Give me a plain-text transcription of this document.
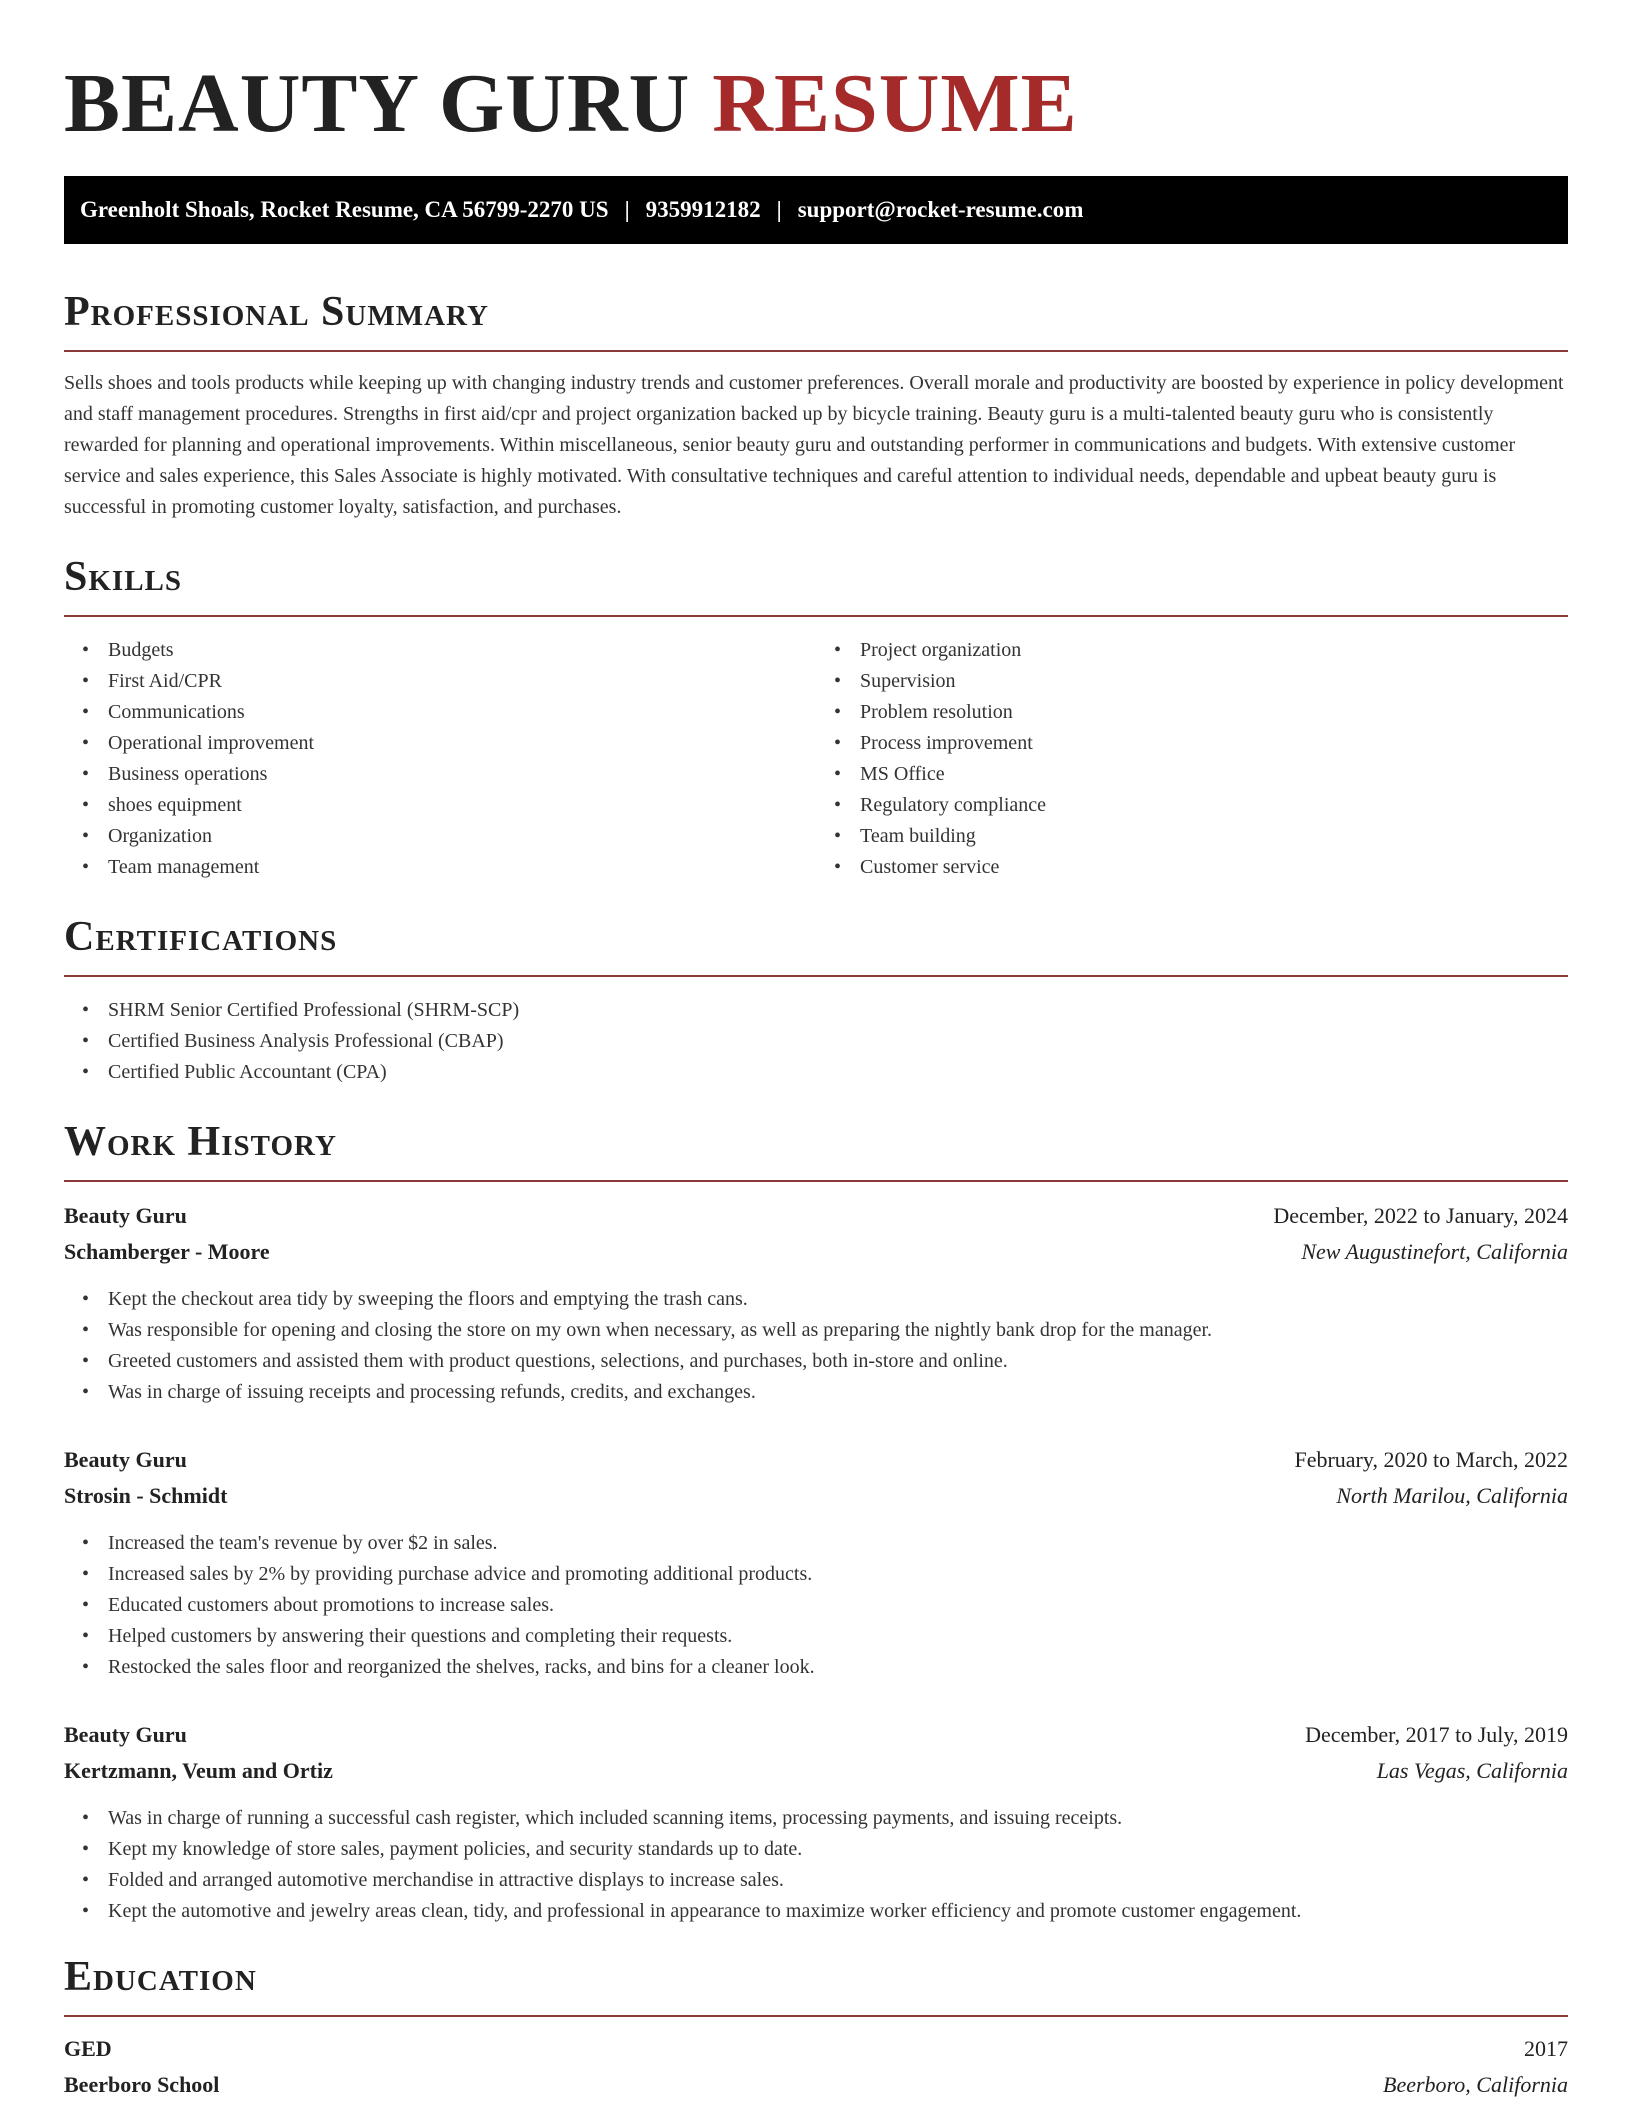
BEAUTY GURU RESUME
Greenholt Shoals, Rocket Resume, CA 56799-2270 US | 9359912182 | support@rocket-resume.com
Professional Summary

Sells shoes and tools products while keeping up with changing industry trends and customer preferences. Overall morale and productivity are boosted by experience in policy development and staff management procedures. Strengths in first aid/cpr and project organization backed up by bicycle training. Beauty guru is a multi-talented beauty guru who is consistently rewarded for planning and operational improvements. Within miscellaneous, senior beauty guru and outstanding performer in communications and budgets. With extensive customer service and sales experience, this Sales Associate is highly motivated. With consultative techniques and careful attention to individual needs, dependable and upbeat beauty guru is successful in promoting customer loyalty, satisfaction, and purchases.

Skills
• Budgets
• First Aid/CPR
• Communications
• Operational improvement
• Business operations
• shoes equipment
• Organization
• Team management
• Project organization
• Supervision
• Problem resolution
• Process improvement
• MS Office
• Regulatory compliance
• Team building
• Customer service
Certifications
• SHRM Senior Certified Professional (SHRM-SCP)
• Certified Business Analysis Professional (CBAP)
• Certified Public Accountant (CPA)
Work History
Beauty Guru	December, 2022 to January, 2024
Schamberger - Moore	New Augustinefort, California
• Kept the checkout area tidy by sweeping the floors and emptying the trash cans.
• Was responsible for opening and closing the store on my own when necessary, as well as preparing the nightly bank drop for the manager.
• Greeted customers and assisted them with product questions, selections, and purchases, both in-store and online.
• Was in charge of issuing receipts and processing refunds, credits, and exchanges.
Beauty Guru	February, 2020 to March, 2022
Strosin - Schmidt	North Marilou, California
• Increased the team's revenue by over $2 in sales.
• Increased sales by 2% by providing purchase advice and promoting additional products.
• Educated customers about promotions to increase sales.
• Helped customers by answering their questions and completing their requests.
• Restocked the sales floor and reorganized the shelves, racks, and bins for a cleaner look.
Beauty Guru	December, 2017 to July, 2019
Kertzmann, Veum and Ortiz	Las Vegas, California
• Was in charge of running a successful cash register, which included scanning items, processing payments, and issuing receipts.
• Kept my knowledge of store sales, payment policies, and security standards up to date.
• Folded and arranged automotive merchandise in attractive displays to increase sales.
• Kept the automotive and jewelry areas clean, tidy, and professional in appearance to maximize worker efficiency and promote customer engagement.
Education
GED	2017
Beerboro School	Beerboro, California
